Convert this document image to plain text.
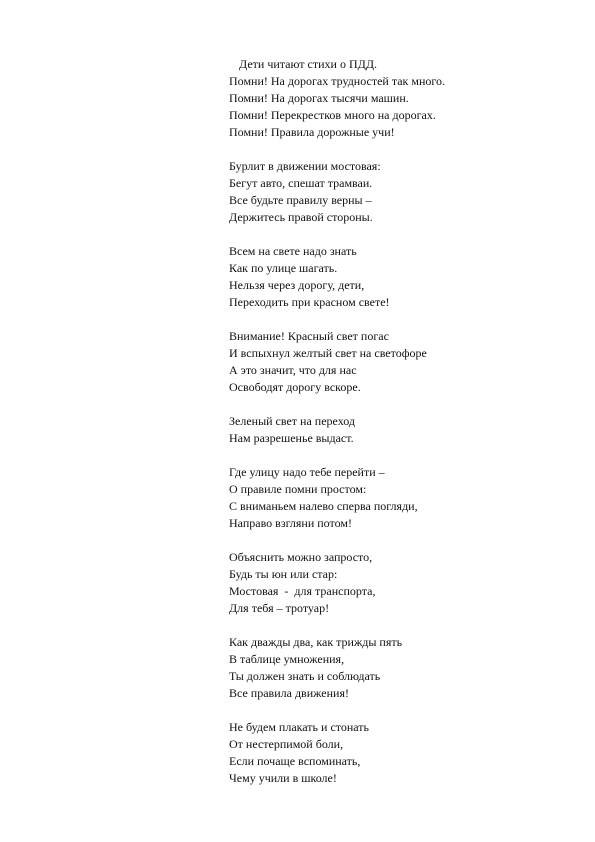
Дети читают стихи о ПДД.
Помни! На дорогах трудностей так много.
Помни! На дорогах тысячи машин.
Помни! Перекрестков много на дорогах.
Помни! Правила дорожные учи!
Бурлит в движении мостовая:
Бегут авто, спешат трамваи.
Все будьте правилу верны –
Держитесь правой стороны.
Всем на свете надо знать
Как по улице шагать.
Нельзя через дорогу, дети,
Переходить при красном свете!
Внимание! Красный свет погас
И вспыхнул желтый свет на светофоре
А это значит, что для нас
Освободят дорогу вскоре.
Зеленый свет на переход
Нам разрешенье выдаст.
Где улицу надо тебе перейти –
О правиле помни простом:
С вниманьем налево сперва погляди,
Направо взгляни потом!
Объяснить можно запросто,
Будь ты юн или стар:
Мостовая  -  для транспорта,
Для тебя – тротуар!
Как дважды два, как трижды пять
В таблице умножения,
Ты должен знать и соблюдать
Все правила движения!
Не будем плакать и стонать
От нестерпимой боли,
Если почаще вспоминать,
Чему учили в школе!
